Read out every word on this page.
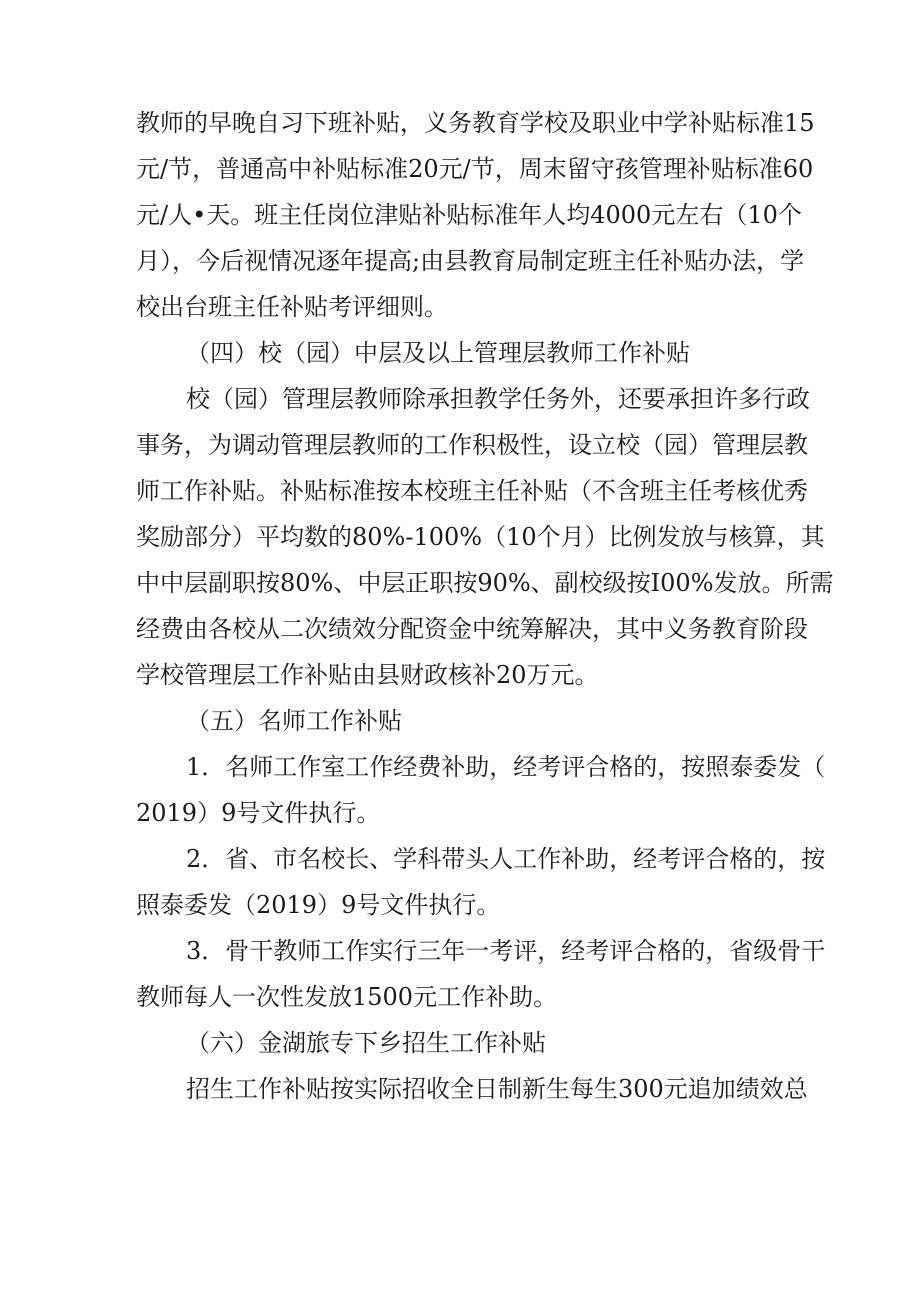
教师的早晚自习下班补贴，义务教育学校及职业中学补贴标准15
元/节，普通高中补贴标准20元/节，周末留守孩管理补贴标准60
元/人•天。班主任岗位津贴补贴标准年人均4000元左右（10个
月），今后视情况逐年提高;由县教育局制定班主任补贴办法，学
校出台班主任补贴考评细则。
（四）校（园）中层及以上管理层教师工作补贴
校（园）管理层教师除承担教学任务外，还要承担许多行政
事务，为调动管理层教师的工作积极性，设立校（园）管理层教
师工作补贴。补贴标准按本校班主任补贴（不含班主任考核优秀
奖励部分）平均数的80%-100%（10个月）比例发放与核算，其
中中层副职按80%、中层正职按90%、副校级按I00%发放。所需
经费由各校从二次绩效分配资金中统筹解决，其中义务教育阶段
学校管理层工作补贴由县财政核补20万元。
（五）名师工作补贴
1．名师工作室工作经费补助，经考评合格的，按照泰委发（
2019）9号文件执行。
2．省、市名校长、学科带头人工作补助，经考评合格的，按
照泰委发（2019）9号文件执行。
3．骨干教师工作实行三年一考评，经考评合格的，省级骨干
教师每人一次性发放1500元工作补助。
（六）金湖旅专下乡招生工作补贴
招生工作补贴按实际招收全日制新生每生300元追加绩效总
